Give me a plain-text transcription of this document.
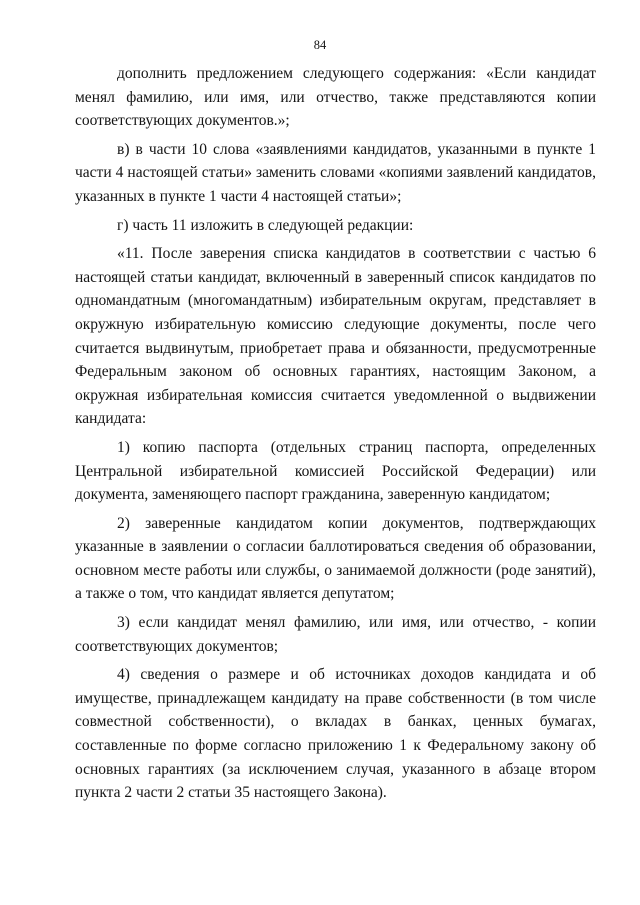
84

дополнить предложением следующего содержания: «Если кандидат менял фамилию, или имя, или отчество, также представляются копии соответствующих документов.»;

в) в части 10 слова «заявлениями кандидатов, указанными в пункте 1 части 4 настоящей статьи» заменить словами «копиями заявлений кандидатов, указанных в пункте 1 части 4 настоящей статьи»;

г) часть 11 изложить в следующей редакции:

«11. После заверения списка кандидатов в соответствии с частью 6 настоящей статьи кандидат, включенный в заверенный список кандидатов по одномандатным (многомандатным) избирательным округам, представляет в окружную избирательную комиссию следующие документы, после чего считается выдвинутым, приобретает права и обязанности, предусмотренные Федеральным законом об основных гарантиях, настоящим Законом, а окружная избирательная комиссия считается уведомленной о выдвижении кандидата:

1) копию паспорта (отдельных страниц паспорта, определенных Центральной избирательной комиссией Российской Федерации) или документа, заменяющего паспорт гражданина, заверенную кандидатом;

2) заверенные кандидатом копии документов, подтверждающих указанные в заявлении о согласии баллотироваться сведения об образовании, основном месте работы или службы, о занимаемой должности (роде занятий), а также о том, что кандидат является депутатом;

3) если кандидат менял фамилию, или имя, или отчество, - копии соответствующих документов;

4) сведения о размере и об источниках доходов кандидата и об имуществе, принадлежащем кандидату на праве собственности (в том числе совместной собственности), о вкладах в банках, ценных бумагах, составленные по форме согласно приложению 1 к Федеральному закону об основных гарантиях (за исключением случая, указанного в абзаце втором пункта 2 части 2 статьи 35 настоящего Закона).
